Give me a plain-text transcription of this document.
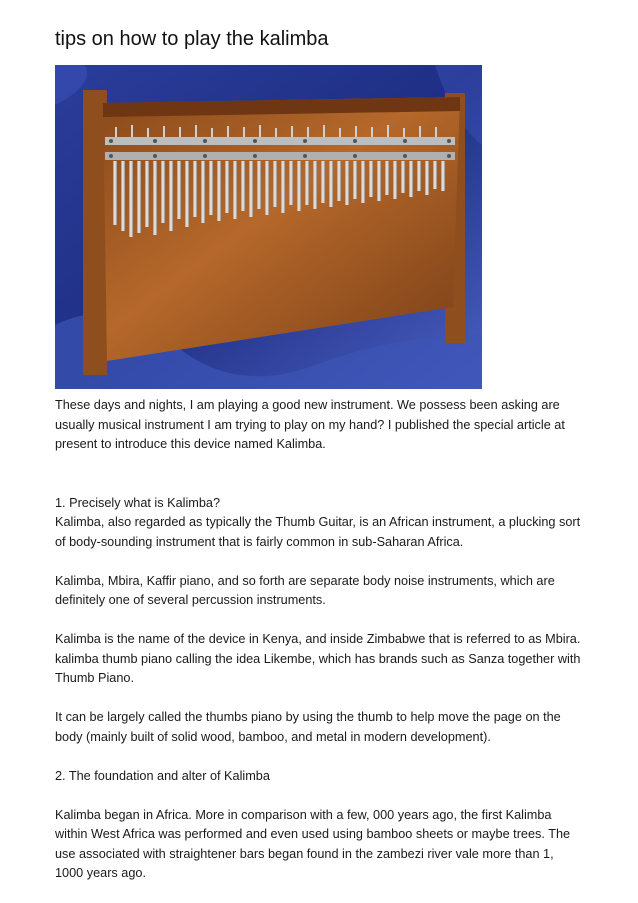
tips on how to play the kalimba

These days and nights, I am playing a good new instrument. We possess been asking are usually musical instrument I am trying to play on my hand? I published the special article at present to introduce this device named Kalimba.

1. Precisely what is Kalimba?

Kalimba, also regarded as typically the Thumb Guitar, is an African instrument, a plucking sort of body-sounding instrument that is fairly common in sub-Saharan Africa.

Kalimba, Mbira, Kaffir piano, and so forth are separate body noise instruments, which are definitely one of several percussion instruments.

Kalimba is the name of the device in Kenya, and inside Zimbabwe that is referred to as Mbira. kalimba thumb piano calling the idea Likembe, which has brands such as Sanza together with Thumb Piano.

It can be largely called the thumbs piano by using the thumb to help move the page on the body (mainly built of solid wood, bamboo, and metal in modern development).

2. The foundation and alter of Kalimba

Kalimba began in Africa. More in comparison with a few, 000 years ago, the first Kalimba within West Africa was performed and even used using bamboo sheets or maybe trees. The use associated with straightener bars began found in the zambezi river vale more than 1, 1000 years ago.
